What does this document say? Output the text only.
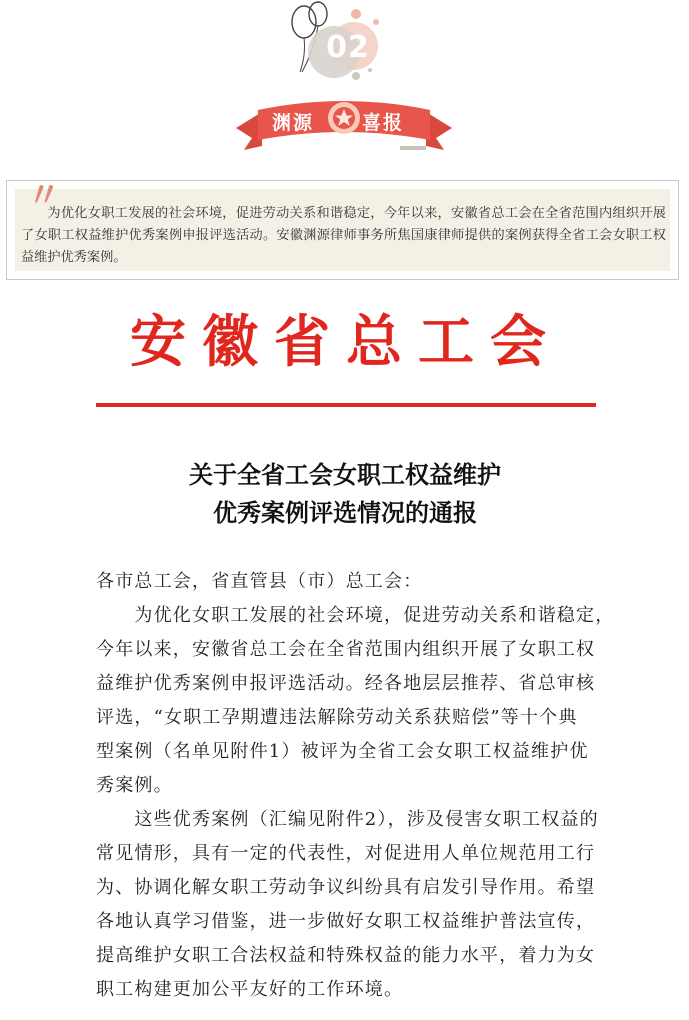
02
渊源	喜报
〃
为优化女职工发展的社会环境，促进劳动关系和谐稳定，今年以来，安徽省总工会在全省范围内组织开展了女职工权益维护优秀案例申报评选活动。安徽渊源律师事务所焦国康律师提供的案例获得全省工会女职工权益维护优秀案例。
安徽省总工会
关于全省工会女职工权益维护
优秀案例评选情况的通报
各市总工会，省直管县（市）总工会：
　　为优化女职工发展的社会环境，促进劳动关系和谐稳定，
今年以来，安徽省总工会在全省范围内组织开展了女职工权
益维护优秀案例申报评选活动。经各地层层推荐、省总审核
评选，“女职工孕期遭违法解除劳动关系获赔偿”等十个典
型案例（名单见附件1）被评为全省工会女职工权益维护优
秀案例。
　　这些优秀案例（汇编见附件2），涉及侵害女职工权益的
常见情形，具有一定的代表性，对促进用人单位规范用工行
为、协调化解女职工劳动争议纠纷具有启发引导作用。希望
各地认真学习借鉴，进一步做好女职工权益维护普法宣传，
提高维护女职工合法权益和特殊权益的能力水平，着力为女
职工构建更加公平友好的工作环境。
